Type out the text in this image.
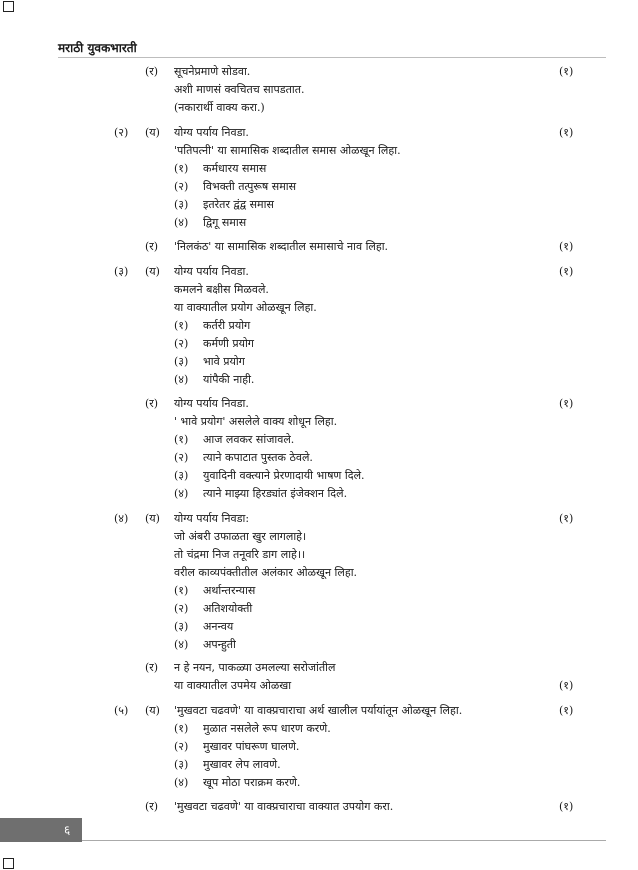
मराठी युवकभारती
(र) सूचनेप्रमाणे सोडवा.	(१)
अशी माणसं क्वचितच सापडतात.
(नकारार्थी वाक्य करा.)
(२) (य) योग्य पर्याय निवडा.	(१)
'पतिपत्नी' या सामासिक शब्दातील समास ओळखून लिहा.
(१) कर्मधारय समास
(२) विभक्ती तत्पुरूष समास
(३) इतरेतर द्वंद्व समास
(४) द्विगू समास
(र) 'निलकंठ' या सामासिक शब्दातील समासाचे नाव लिहा.	(१)
(३) (य) योग्य पर्याय निवडा.	(१)
कमलने बक्षीस मिळवले.
या वाक्यातील प्रयोग ओळखून लिहा.
(१) कर्तरी प्रयोग
(२) कर्मणी प्रयोग
(३) भावे प्रयोग
(४) यांपैकी नाही.
(र) योग्य पर्याय निवडा.	(१)
' भावे प्रयोग' असलेले वाक्य शोधून लिहा.
(१) आज लवकर सांजावले.
(२) त्याने कपाटात पुस्तक ठेवले.
(३) युवादिनी वक्त्याने प्रेरणादायी भाषण दिले.
(४) त्याने माझ्या हिरड्यांत इंजेक्शन दिले.
(४) (य) योग्य पर्याय निवडा:	(१)
जो अंबरी उफाळता खुर लागलाहे।
तो चंद्रमा निज तनूवरि डाग लाहे।।
वरील काव्यपंक्तीतील अलंकार ओळखून लिहा.
(१) अर्थान्तरन्यास
(२) अतिशयोक्ती
(३) अनन्वय
(४) अपन्हुती
(र) न हे नयन, पाकळ्या उमलल्या सरोजांतील
या वाक्यातील उपमेय ओळखा	(१)
(५) (य) 'मुखवटा चढवणे' या वाक्प्रचाराचा अर्थ खालील पर्यायांतून ओळखून लिहा.	(१)
(१) मुळात नसलेले रूप धारण करणे.
(२) मुखावर पांघरूण घालणे.
(३) मुखावर लेप लावणे.
(४) खूप मोठा पराक्रम करणे.
(र) 'मुखवटा चढवणे' या वाक्प्रचाराचा वाक्यात उपयोग करा.	(१)
६
